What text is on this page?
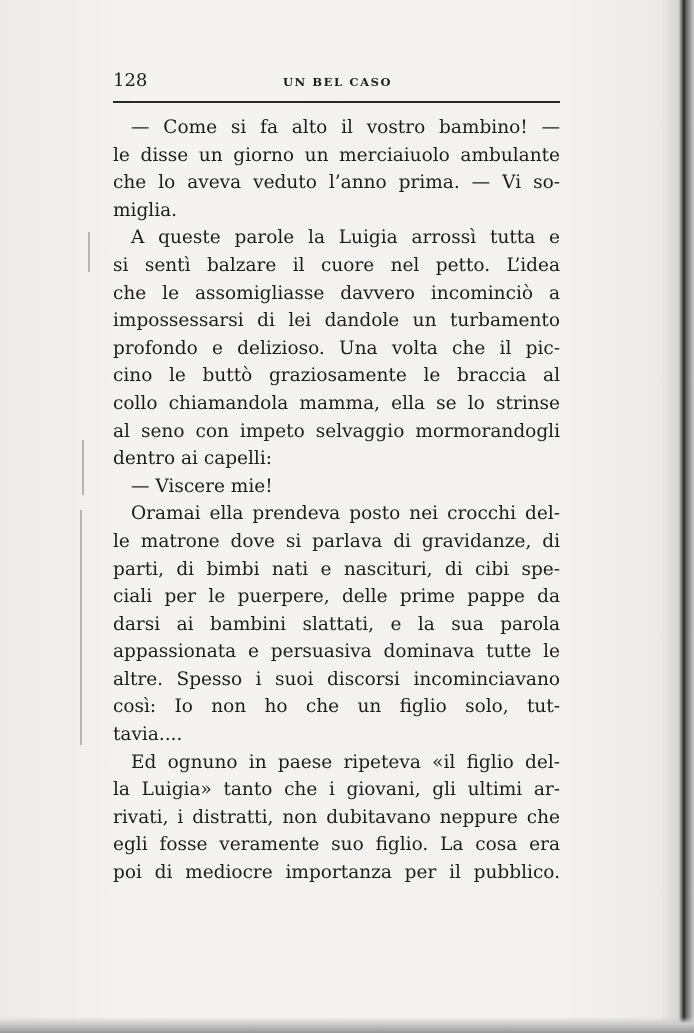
128	UN BEL CASO
— Come si fa alto il vostro bambino! —
le disse un giorno un merciaiuolo ambulante
che lo aveva veduto l’anno prima. — Vi so-
miglia.
A queste parole la Luigia arrossì tutta e
si sentì balzare il cuore nel petto. L’idea
che le assomigliasse davvero incominciò a
impossessarsi di lei dandole un turbamento
profondo e delizioso. Una volta che il pic-
cino le buttò graziosamente le braccia al
collo chiamandola mamma, ella se lo strinse
al seno con impeto selvaggio mormorandogli
dentro ai capelli:
— Viscere mie!
Oramai ella prendeva posto nei crocchi del-
le matrone dove si parlava di gravidanze, di
parti, di bimbi nati e nascituri, di cibi spe-
ciali per le puerpere, delle prime pappe da
darsi ai bambini slattati, e la sua parola
appassionata e persuasiva dominava tutte le
altre. Spesso i suoi discorsi incominciavano
così: Io non ho che un figlio solo, tut-
tavia....
Ed ognuno in paese ripeteva «il figlio del-
la Luigia» tanto che i giovani, gli ultimi ar-
rivati, i distratti, non dubitavano neppure che
egli fosse veramente suo figlio. La cosa era
poi di mediocre importanza per il pubblico.
